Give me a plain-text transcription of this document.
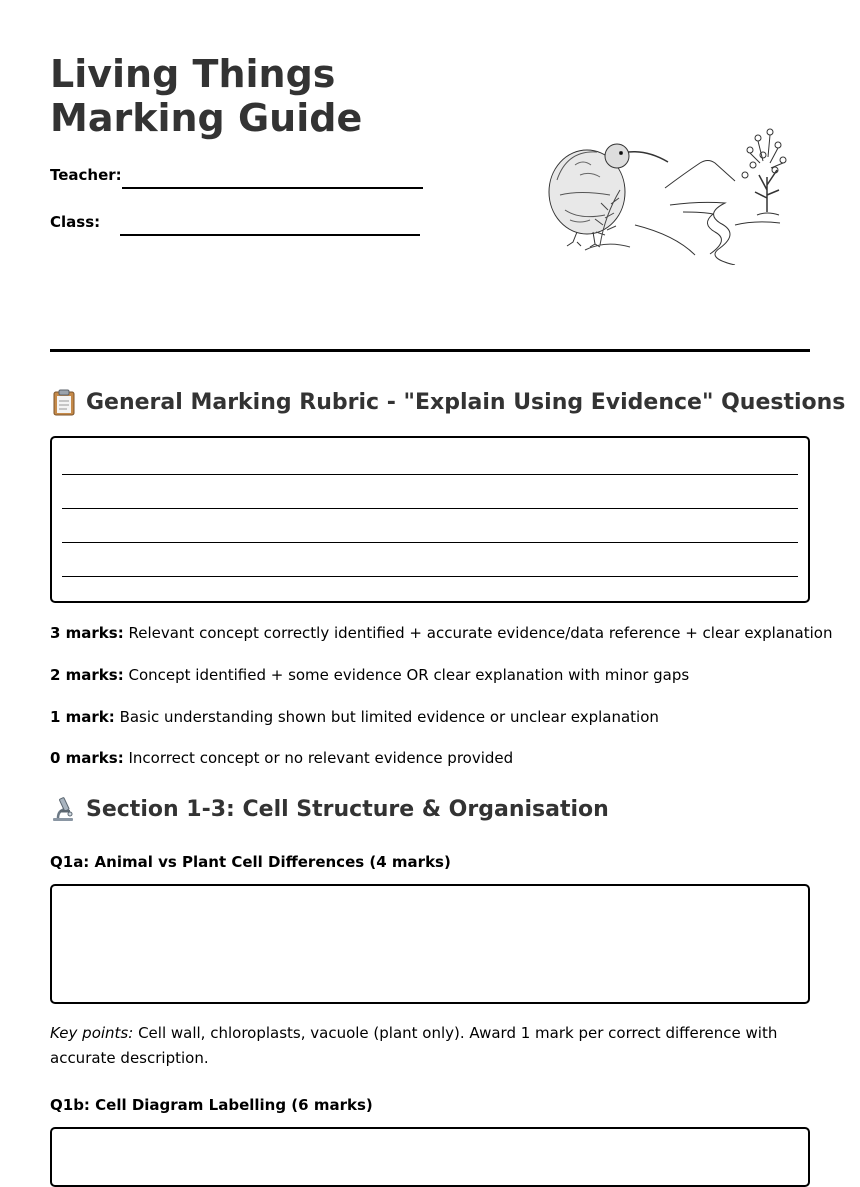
Living Things Marking Guide
Teacher:
Class:
General Marking Rubric - "Explain Using Evidence" Questions
3 marks: Relevant concept correctly identified + accurate evidence/data reference + clear explanation
2 marks: Concept identified + some evidence OR clear explanation with minor gaps
1 mark: Basic understanding shown but limited evidence or unclear explanation
0 marks: Incorrect concept or no relevant evidence provided
Section 1-3: Cell Structure & Organisation
Q1a: Animal vs Plant Cell Differences (4 marks)
Key points: Cell wall, chloroplasts, vacuole (plant only). Award 1 mark per correct difference with accurate description.
Q1b: Cell Diagram Labelling (6 marks)
